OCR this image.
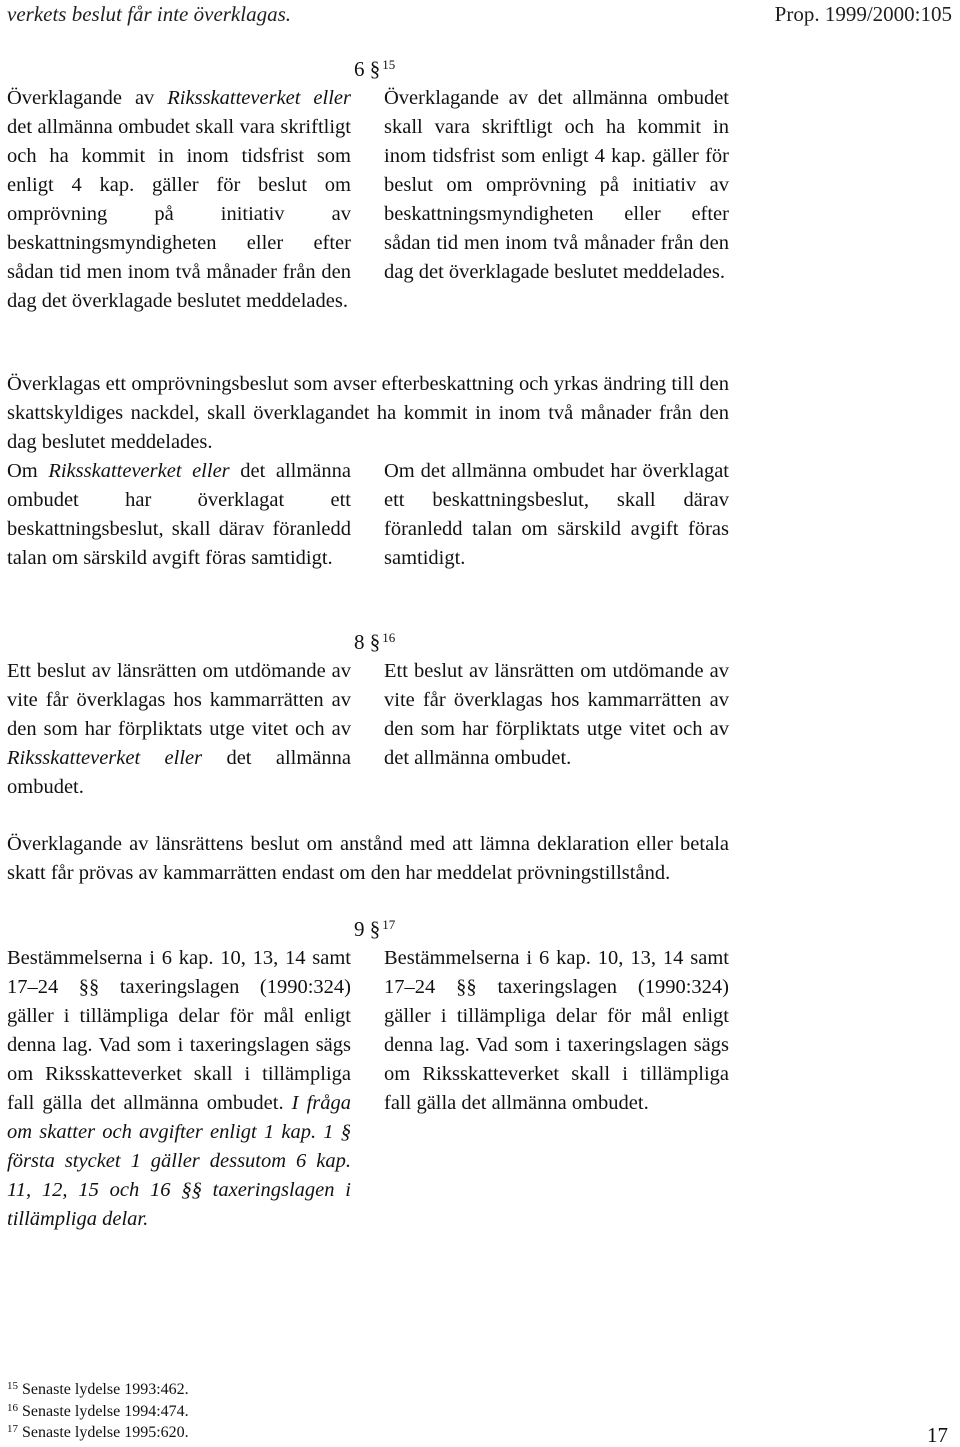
verkets beslut får inte överklagas.	Prop. 1999/2000:105
6 § $^{15}$
Överklagande av Riksskatteverket eller det allmänna ombudet skall vara skriftligt och ha kommit in inom tidsfrist som enligt 4 kap. gäller för beslut om omprövning på initiativ av beskattningsmyndigheten eller efter sådan tid men inom två månader från den dag det överklagade beslutet meddelades.
Överklagande av det allmänna ombudet skall vara skriftligt och ha kommit in inom tidsfrist som enligt 4 kap. gäller för beslut om omprövning på initiativ av beskattningsmyndigheten eller efter sådan tid men inom två månader från den dag det överklagade beslutet meddelades.
Överklagas ett omprövningsbeslut som avser efterbeskattning och yrkas ändring till den skattskyldiges nackdel, skall överklagandet ha kommit in inom två månader från den dag beslutet meddelades.
Om Riksskatteverket eller det allmänna ombudet har överklagat ett beskattningsbeslut, skall därav föranledd talan om särskild avgift föras samtidigt.
Om det allmänna ombudet har överklagat ett beskattningsbeslut, skall därav föranledd talan om särskild avgift föras samtidigt.
8 § $^{16}$
Ett beslut av länsrätten om utdömande av vite får överklagas hos kammarrätten av den som har förpliktats utge vitet och av Riksskatteverket eller det allmänna ombudet.
Ett beslut av länsrätten om utdömande av vite får överklagas hos kammarrätten av den som har förpliktats utge vitet och av det allmänna ombudet.
Överklagande av länsrättens beslut om anstånd med att lämna deklaration eller betala skatt får prövas av kammarrätten endast om den har meddelat prövningstillstånd.
9 § $^{17}$
Bestämmelserna i 6 kap. 10, 13, 14 samt 17–24 §§ taxeringslagen (1990:324) gäller i tillämpliga delar för mål enligt denna lag. Vad som i taxeringslagen sägs om Riksskatteverket skall i tillämpliga fall gälla det allmänna ombudet. I fråga om skatter och avgifter enligt 1 kap. 1 § första stycket 1 gäller dessutom 6 kap. 11, 12, 15 och 16 §§ taxeringslagen i tillämpliga delar.
Bestämmelserna i 6 kap. 10, 13, 14 samt 17–24 §§ taxeringslagen (1990:324) gäller i tillämpliga delar för mål enligt denna lag. Vad som i taxeringslagen sägs om Riksskatteverket skall i tillämpliga fall gälla det allmänna ombudet.
$^{15}$ Senaste lydelse 1993:462.
$^{16}$ Senaste lydelse 1994:474.
$^{17}$ Senaste lydelse 1995:620.	17
